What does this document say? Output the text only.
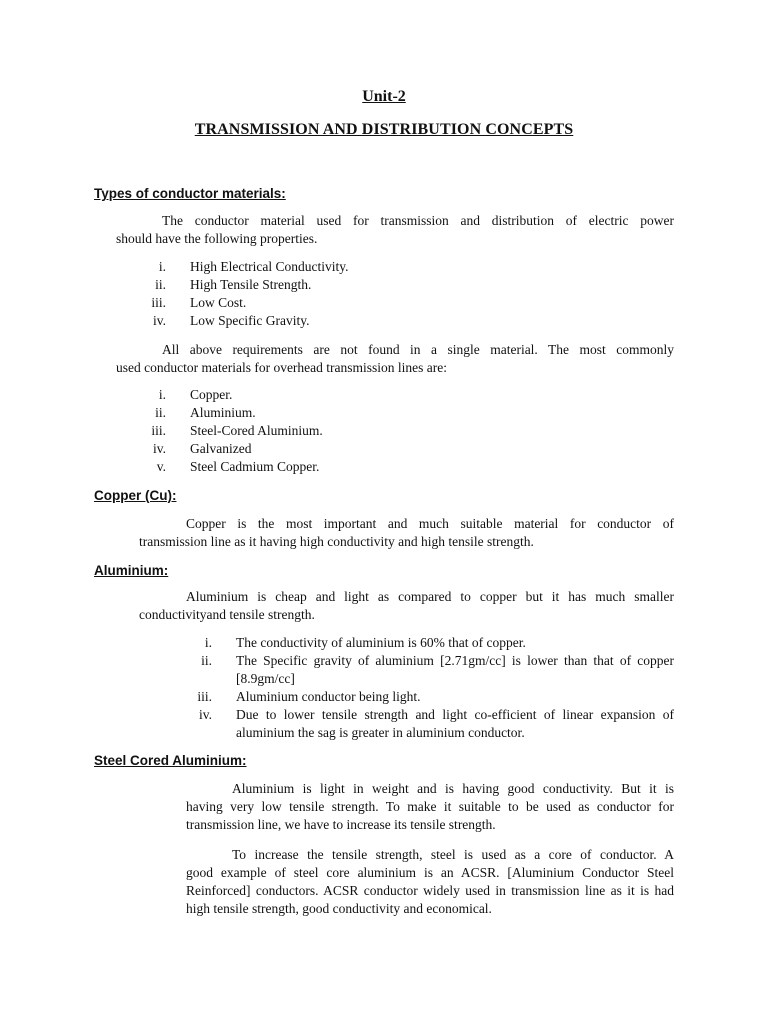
Unit-2
TRANSMISSION AND DISTRIBUTION CONCEPTS
Types of conductor materials:
The conductor material used for transmission and distribution of electric power
should have the following properties.
i. High Electrical Conductivity.
ii. High Tensile Strength.
iii. Low Cost.
iv. Low Specific Gravity.
All above requirements are not found in a single material. The most commonly
used conductor materials for overhead transmission lines are:
i. Copper.
ii. Aluminium.
iii. Steel-Cored Aluminium.
iv. Galvanized
v. Steel Cadmium Copper.
Copper (Cu):
Copper is the most important and much suitable material for conductor of
transmission line as it having high conductivity and high tensile strength.
Aluminium:
Aluminium is cheap and light as compared to copper but it has much smaller
conductivityand tensile strength.
i. The conductivity of aluminium is 60% that of copper.
ii. The Specific gravity of aluminium [2.71gm/cc] is lower than that of copper [8.9gm/cc]
iii. Aluminium conductor being light.
iv. Due to lower tensile strength and light co-efficient of linear expansion of aluminium the sag is greater in aluminium conductor.
Steel Cored Aluminium:
Aluminium is light in weight and is having good conductivity. But it is
having very low tensile strength. To make it suitable to be used as conductor for transmission line, we have to increase its tensile strength.
To increase the tensile strength, steel is used as a core of conductor. A
good example of steel core aluminium is an ACSR. [Aluminium Conductor Steel Reinforced] conductors. ACSR conductor widely used in transmission line as it is had high tensile strength, good conductivity and economical.
